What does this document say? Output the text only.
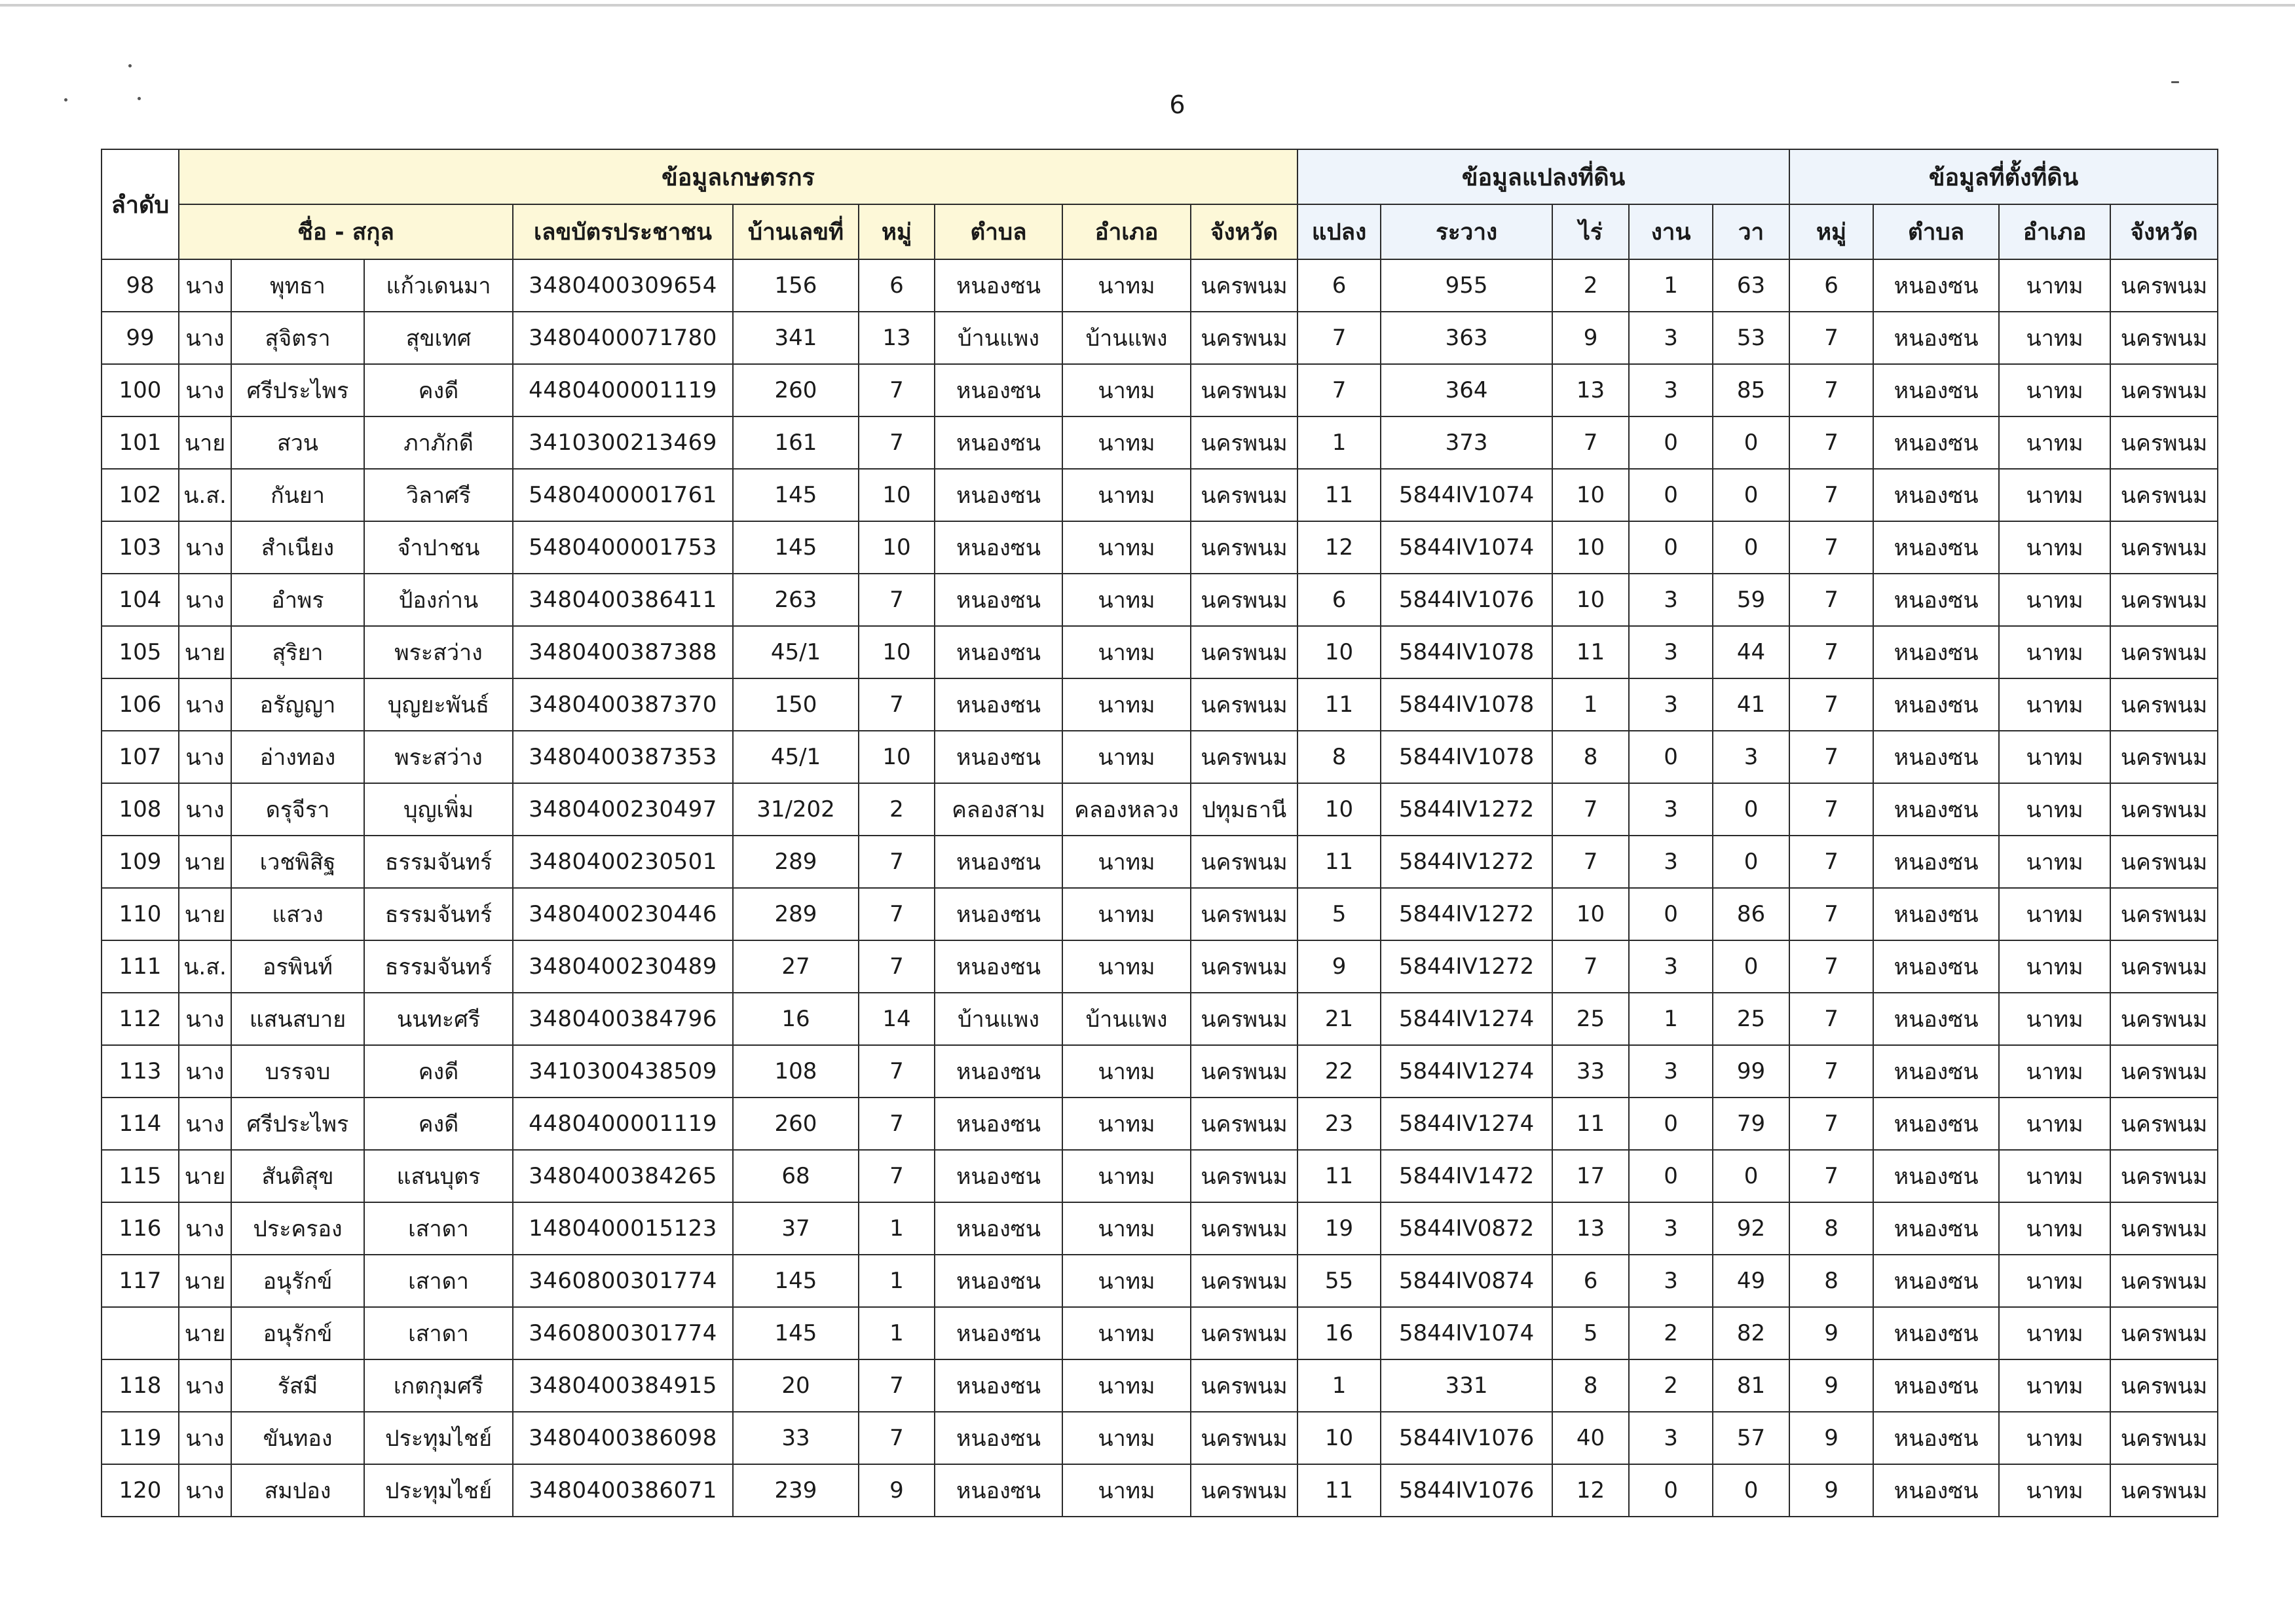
6
ลำดับ	ข้อมูลเกษตรกร									ข้อมูลแปลงที่ดิน					ข้อมูลที่ตั้งที่ดิน			
	ชื่อ - สกุล			เลขบัตรประชาชน	บ้านเลขที่	หมู่	ตำบล	อำเภอ	จังหวัด	แปลง	ระวาง	ไร่	งาน	วา	หมู่	ตำบล	อำเภอ	จังหวัด
98	นาง	พุทธา	แก้วเดนมา	3480400309654	156	6	หนองซน	นาทม	นครพนม	6	955	2	1	63	6	หนองซน	นาทม	นครพนม
99	นาง	สุจิตรา	สุขเทศ	3480400071780	341	13	บ้านแพง	บ้านแพง	นครพนม	7	363	9	3	53	7	หนองซน	นาทม	นครพนม
100	นาง	ศรีประไพร	คงดี	4480400001119	260	7	หนองซน	นาทม	นครพนม	7	364	13	3	85	7	หนองซน	นาทม	นครพนม
101	นาย	สวน	ภาภักดี	3410300213469	161	7	หนองซน	นาทม	นครพนม	1	373	7	0	0	7	หนองซน	นาทม	นครพนม
102	น.ส.	กันยา	วิลาศรี	5480400001761	145	10	หนองซน	นาทม	นครพนม	11	5844IV1074	10	0	0	7	หนองซน	นาทม	นครพนม
103	นาง	สำเนียง	จำปาชน	5480400001753	145	10	หนองซน	นาทม	นครพนม	12	5844IV1074	10	0	0	7	หนองซน	นาทม	นครพนม
104	นาง	อำพร	ป้องก่าน	3480400386411	263	7	หนองซน	นาทม	นครพนม	6	5844IV1076	10	3	59	7	หนองซน	นาทม	นครพนม
105	นาย	สุริยา	พระสว่าง	3480400387388	45/1	10	หนองซน	นาทม	นครพนม	10	5844IV1078	11	3	44	7	หนองซน	นาทม	นครพนม
106	นาง	อรัญญา	บุญยะพันธ์	3480400387370	150	7	หนองซน	นาทม	นครพนม	11	5844IV1078	1	3	41	7	หนองซน	นาทม	นครพนม
107	นาง	อ่างทอง	พระสว่าง	3480400387353	45/1	10	หนองซน	นาทม	นครพนม	8	5844IV1078	8	0	3	7	หนองซน	นาทม	นครพนม
108	นาง	ดรุจีรา	บุญเพิ่ม	3480400230497	31/202	2	คลองสาม	คลองหลวง	ปทุมธานี	10	5844IV1272	7	3	0	7	หนองซน	นาทม	นครพนม
109	นาย	เวชพิสิฐ	ธรรมจันทร์	3480400230501	289	7	หนองซน	นาทม	นครพนม	11	5844IV1272	7	3	0	7	หนองซน	นาทม	นครพนม
110	นาย	แสวง	ธรรมจันทร์	3480400230446	289	7	หนองซน	นาทม	นครพนม	5	5844IV1272	10	0	86	7	หนองซน	นาทม	นครพนม
111	น.ส.	อรพินท์	ธรรมจันทร์	3480400230489	27	7	หนองซน	นาทม	นครพนม	9	5844IV1272	7	3	0	7	หนองซน	นาทม	นครพนม
112	นาง	แสนสบาย	นนทะศรี	3480400384796	16	14	บ้านแพง	บ้านแพง	นครพนม	21	5844IV1274	25	1	25	7	หนองซน	นาทม	นครพนม
113	นาง	บรรจบ	คงดี	3410300438509	108	7	หนองซน	นาทม	นครพนม	22	5844IV1274	33	3	99	7	หนองซน	นาทม	นครพนม
114	นาง	ศรีประไพร	คงดี	4480400001119	260	7	หนองซน	นาทม	นครพนม	23	5844IV1274	11	0	79	7	หนองซน	นาทม	นครพนม
115	นาย	สันติสุข	แสนบุตร	3480400384265	68	7	หนองซน	นาทม	นครพนม	11	5844IV1472	17	0	0	7	หนองซน	นาทม	นครพนม
116	นาง	ประครอง	เสาดา	1480400015123	37	1	หนองซน	นาทม	นครพนม	19	5844IV0872	13	3	92	8	หนองซน	นาทม	นครพนม
117	นาย	อนุรักข์	เสาดา	3460800301774	145	1	หนองซน	นาทม	นครพนม	55	5844IV0874	6	3	49	8	หนองซน	นาทม	นครพนม
	นาย	อนุรักข์	เสาดา	3460800301774	145	1	หนองซน	นาทม	นครพนม	16	5844IV1074	5	2	82	9	หนองซน	นาทม	นครพนม
118	นาง	รัสมี	เกตกุมศรี	3480400384915	20	7	หนองซน	นาทม	นครพนม	1	331	8	2	81	9	หนองซน	นาทม	นครพนม
119	นาง	ขันทอง	ประทุมไชย์	3480400386098	33	7	หนองซน	นาทม	นครพนม	10	5844IV1076	40	3	57	9	หนองซน	นาทม	นครพนม
120	นาง	สมปอง	ประทุมไชย์	3480400386071	239	9	หนองซน	นาทม	นครพนม	11	5844IV1076	12	0	0	9	หนองซน	นาทม	นครพนม
